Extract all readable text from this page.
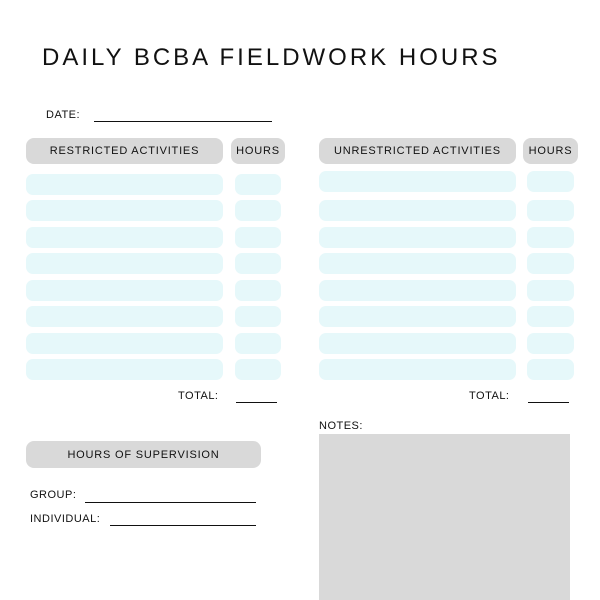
DAILY BCBA FIELDWORK HOURS
DATE:
RESTRICTED ACTIVITIES	HOURS
TOTAL:
UNRESTRICTED ACTIVITIES	HOURS
TOTAL:
HOURS OF SUPERVISION
GROUP:
INDIVIDUAL:
NOTES:
